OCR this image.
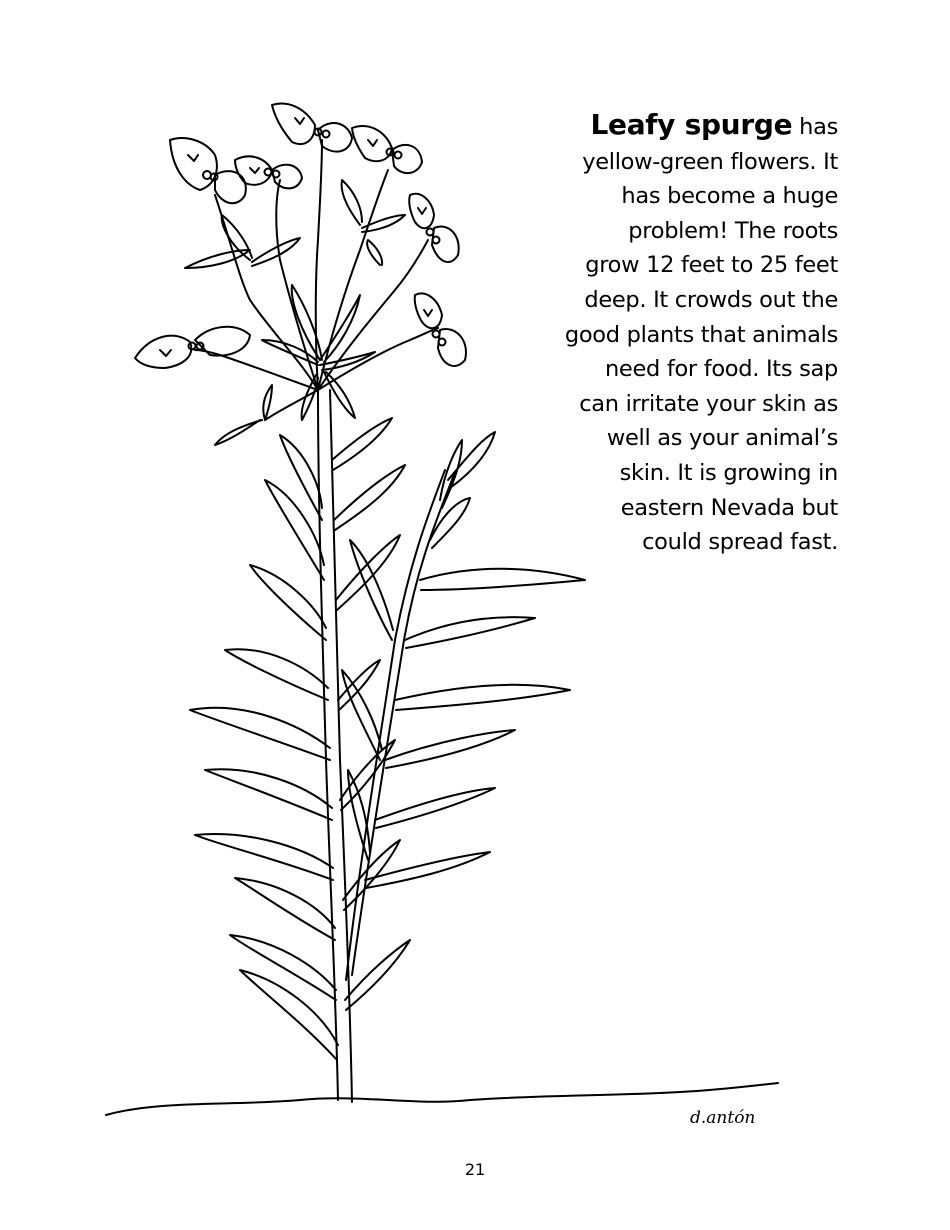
Leafy spurge has
yellow-green flowers. It
has become a huge
problem! The roots
grow 12 feet to 25 feet
deep. It crowds out the
good plants that animals
need for food. Its sap
can irritate your skin as
well as your animal’s
skin. It is growing in
eastern Nevada but
could spread fast.
d.antón
21
